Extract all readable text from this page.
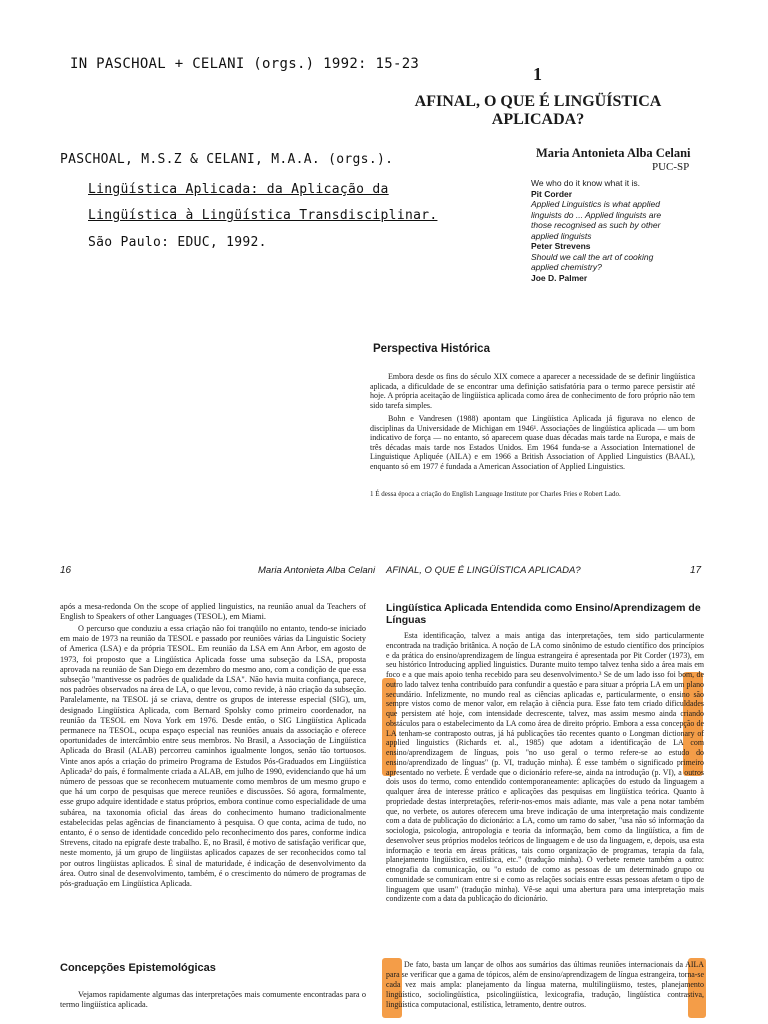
IN PASCHOAL + CELANI (orgs.) 1992: 15-23
PASCHOAL, M.S.Z & CELANI, M.A.A. (orgs.).
Lingüística Aplicada: da Aplicação da
Lingüística à Lingüística Transdisciplinar.
São Paulo: EDUC, 1992.
1
AFINAL, O QUE É LINGÜÍSTICA
APLICADA?
Maria Antonieta Alba Celani
PUC-SP
We who do it know what it is.
Pit Corder
Applied Linguistics is what applied linguists do ... Applied linguists are those recognised as such by other applied linguists
Peter Strevens
Should we call the art of cooking applied chemistry?
Joe D. Palmer
Perspectiva Histórica
Embora desde os fins do século XIX comece a aparecer a necessidade de se definir lingüística aplicada, a dificuldade de se encontrar uma definição satisfatória para o termo parece persistir até hoje. A própria aceitação de lingüística aplicada como área de conhecimento de foro próprio não tem sido tarefa simples.
Bohn e Vandresen (1988) apontam que Lingüística Aplicada já figurava no elenco de disciplinas da Universidade de Michigan em 1946¹. Associações de lingüística aplicada — um bom indicativo de força — no entanto, só aparecem quase duas décadas mais tarde na Europa, e mais de três décadas mais tarde nos Estados Unidos. Em 1964 funda-se a Association Internationel de Linguistique Apliquée (AILA) e em 1966 a British Association of Applied Linguistics (BAAL), enquanto só em 1977 é fundada a American Association of Applied Linguistics.
1 É dessa época a criação do English Language Institute por Charles Fries e Robert Lado.
16	Maria Antonieta Alba Celani
após a mesa-redonda On the scope of applied linguistics, na reunião anual da Teachers of English to Speakers of other Languages (TESOL), em Miami.
O percurso que conduziu a essa criação não foi tranqüilo no entanto, tendo-se iniciado em maio de 1973 na reunião da TESOL e passado por reuniões várias da Linguistic Society of America (LSA) e da própria TESOL. Em reunião da LSA em Ann Arbor, em agosto de 1973, foi proposto que a Lingüística Aplicada fosse uma subseção da LSA, proposta aprovada na reunião de San Diego em dezembro do mesmo ano, com a condição de que essa subseção "mantivesse os padrões de qualidade da LSA". Não havia muita confiança, parece, nos padrões observados na área de LA, o que levou, como revide, à não criação da subseção. Paralelamente, na TESOL já se criava, dentre os grupos de interesse especial (SIG), um, designado Lingüística Aplicada, com Bernard Spolsky como primeiro coordenador, na reunião da TESOL em Nova York em 1976. Desde então, o SIG Lingüística Aplicada permanece na TESOL, ocupa espaço especial nas reuniões anuais da associação e oferece oportunidades de intercâmbio entre seus membros. No Brasil, a Associação de Lingüística Aplicada do Brasil (ALAB) percorreu caminhos igualmente longos, senão tão tortuosos. Vinte anos após a criação do primeiro Programa de Estudos Pós-Graduados em Lingüística Aplicada² do país, é formalmente criada a ALAB, em julho de 1990, evidenciando que há um número de pessoas que se reconhecem mutuamente como membros de um mesmo grupo e que há um corpo de pesquisas que merece reuniões e discussões. Só agora, formalmente, esse grupo adquire identidade e status próprios, embora continue como especialidade de uma subárea, na taxonomia oficial das áreas do conhecimento humano tradicionalmente estabelecidas pelas agências de financiamento à pesquisa. O que conta, acima de tudo, no entanto, é o senso de identidade concedido pelo reconhecimento dos pares, conforme indica Strevens, citado na epígrafe deste trabalho. E, no Brasil, é motivo de satisfação verificar que, neste momento, já um grupo de lingüistas aplicados capazes de ser reconhecidos como tal por outros lingüistas aplicados. É sinal de maturidade, é indicação de desenvolvimento da área. Outro sinal de desenvolvimento, também, é o crescimento do número de programas de pós-graduação em Lingüística Aplicada.
Concepções Epistemológicas
Vejamos rapidamente algumas das interpretações mais comumente encontradas para o termo lingüística aplicada.
AFINAL, O QUE É LINGÜÍSTICA APLICADA?	17
Lingüística Aplicada Entendida como Ensino/Aprendizagem de
Línguas
Esta identificação, talvez a mais antiga das interpretações, tem sido particularmente encontrada na tradição britânica. A noção de LA como sinônimo de estudo científico dos princípios e da prática do ensino/aprendizagem de língua estrangeira é apresentada por Pit Corder (1973), em seu histórico Introducing applied linguistics. Durante muito tempo talvez tenha sido a área mais em foco e a que mais apoio tenha recebido para seu desenvolvimento.³ Se de um lado isso foi bom, de outro lado talvez tenha contribuído para confundir a questão e para situar a própria LA em um plano secundário. Infelizmente, no mundo real as ciências aplicadas e, particularmente, o ensino são sempre vistos como de menor valor, em relação à ciência pura. Esse fato tem criado dificuldades que persistem até hoje, com intensidade decrescente, talvez, mas assim mesmo ainda criando obstáculos para o estabelecimento da LA como área de direito próprio. Embora a essa concepção de LA tenham-se contraposto outras, já há publicações tão recentes quanto o Longman dictionary of applied linguistics (Richards et. al., 1985) que adotam a identificação de LA com ensino/aprendizagem de línguas, pois "no uso geral o termo refere-se ao estudo do ensino/aprendizado de línguas" (p. VI, tradução minha). É esse também o significado primeiro apresentado no verbete. É verdade que o dicionário refere-se, ainda na introdução (p. VI), a outros dois usos do termo, como entendido contemporaneamente: aplicações do estudo da linguagem a qualquer área de interesse prático e aplicações das pesquisas em lingüística teórica. Quanto à propriedade destas interpretações, referir-nos-emos mais adiante, mas vale a pena notar também que, no verbete, os autores oferecem uma breve indicação de uma interpretação mais condizente com a data de publicação do dicionário: a LA, como um ramo do saber, "usa não só informação da sociologia, psicologia, antropologia e teoria da informação, bem como da lingüística, a fim de desenvolver seus próprios modelos teóricos de linguagem e de uso da linguagem, e, depois, usa esta informação e teoria em áreas práticas, tais como organização de programas, terapia da fala, planejamento lingüístico, estilística, etc." (tradução minha). O verbete remete também a outro: etnografia da comunicação, ou "o estudo de como as pessoas de um determinado grupo ou comunidade se comunicam entre si e como as relações sociais entre essas pessoas afetam o tipo de linguagem que usam" (tradução minha). Vê-se aqui uma abertura para uma interpretação mais condizente com a data da publicação do dicionário.
De fato, basta um lançar de olhos aos sumários das últimas reuniões internacionais da AILA para se verificar que a gama de tópicos, além de ensino/aprendizagem de língua estrangeira, torna-se cada vez mais ampla: planejamento da língua materna, multilingüismo, testes, planejamento lingüístico, sociolingüística, psicolingüística, lexicografia, tradução, lingüística contrastiva, lingüística computacional, estilística, letramento, dentre outros.
